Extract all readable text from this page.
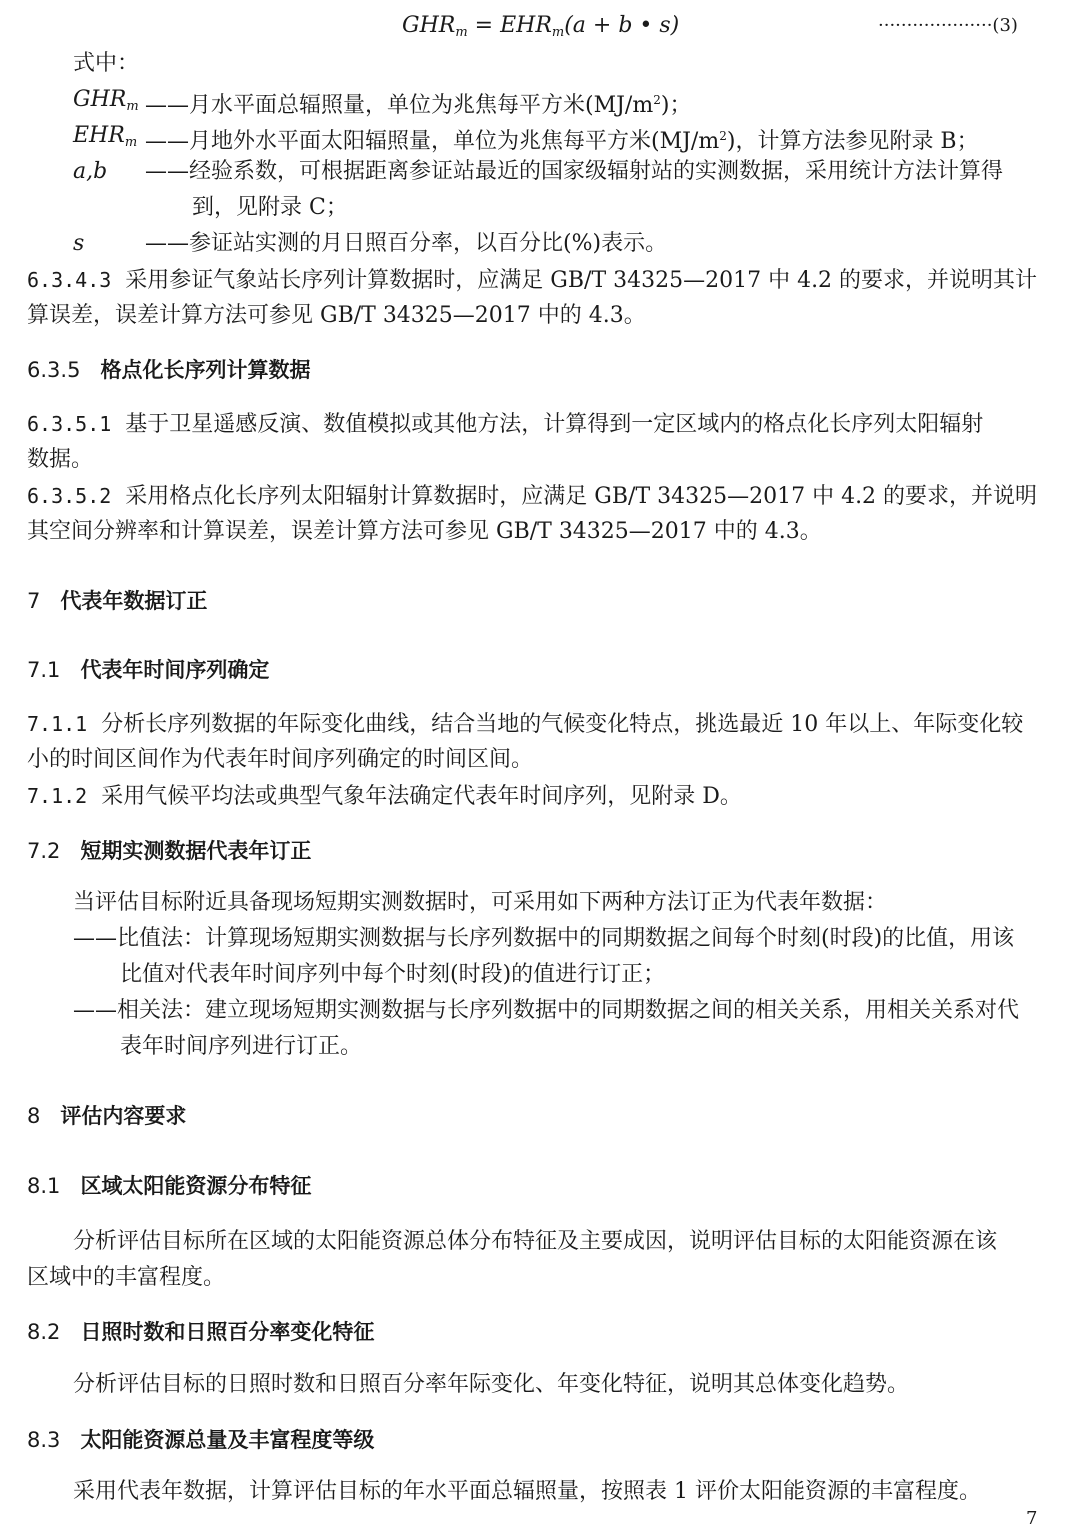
$GHR_m = EHR_m(a + b$ • s)	····················(3)
式中：
$GHR_m$ ——月水平面总辐照量，单位为兆焦每平方米$(MJ/m^2)$；
$EHR_m$ ——月地外水平面太阳辐照量，单位为兆焦每平方米$(MJ/m^2)$，计算方法参见附录 B；
a,b ——经验系数，可根据距离参证站最近的国家级辐射站的实测数据，采用统计方法计算得
到，见附录 C；
s	——参证站实测的月日照百分率，以百分比(%)表示。
6.3.4.3 采用参证气象站长序列计算数据时，应满足 GB/T 34325—2017 中 4.2 的要求，并说明其计
算误差，误差计算方法可参见 GB/T 34325—2017 中的 4.3。
6.3.5 格点化长序列计算数据
6.3.5.1 基于卫星遥感反演、数值模拟或其他方法，计算得到一定区域内的格点化长序列太阳辐射
数据。
6.3.5.2 采用格点化长序列太阳辐射计算数据时，应满足 GB/T 34325—2017 中 4.2 的要求，并说明
其空间分辨率和计算误差，误差计算方法可参见 GB/T 34325—2017 中的 4.3。
7 代表年数据订正
7.1 代表年时间序列确定
7.1.1 分析长序列数据的年际变化曲线，结合当地的气候变化特点，挑选最近 10 年以上、年际变化较
小的时间区间作为代表年时间序列确定的时间区间。
7.1.2 采用气候平均法或典型气象年法确定代表年时间序列，见附录 D。
7.2 短期实测数据代表年订正
当评估目标附近具备现场短期实测数据时，可采用如下两种方法订正为代表年数据：
——比值法：计算现场短期实测数据与长序列数据中的同期数据之间每个时刻(时段)的比值，用该
比值对代表年时间序列中每个时刻(时段)的值进行订正；
——相关法：建立现场短期实测数据与长序列数据中的同期数据之间的相关关系，用相关关系对代
表年时间序列进行订正。
8 评估内容要求
8.1 区域太阳能资源分布特征
分析评估目标所在区域的太阳能资源总体分布特征及主要成因，说明评估目标的太阳能资源在该
区域中的丰富程度。
8.2 日照时数和日照百分率变化特征
分析评估目标的日照时数和日照百分率年际变化、年变化特征，说明其总体变化趋势。
8.3 太阳能资源总量及丰富程度等级
采用代表年数据，计算评估目标的年水平面总辐照量，按照表 1 评价太阳能资源的丰富程度。
7
